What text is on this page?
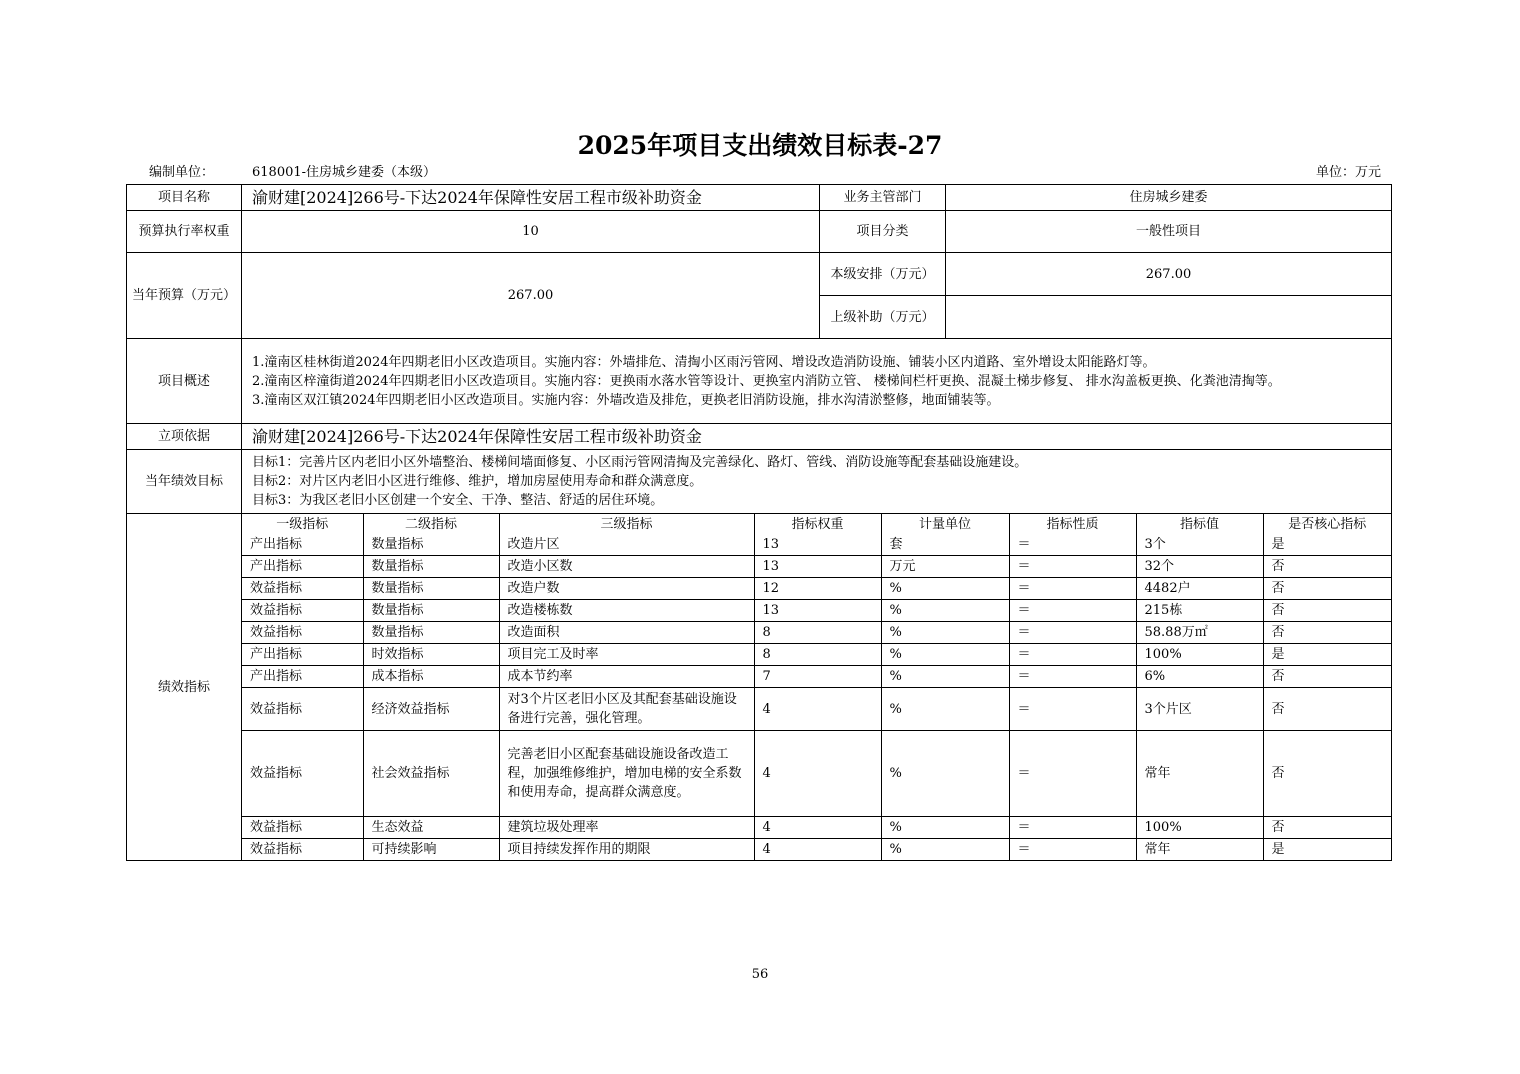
2025年项目支出绩效目标表-27
编制单位：	618001-住房城乡建委（本级）	单位：万元
项目名称	渝财建[2024]266号-下达2024年保障性安居工程市级补助资金	业务主管部门	住房城乡建委
预算执行率权重	10	项目分类	一般性项目
当年预算（万元）	267.00	本级安排（万元）	267.00
上级补助（万元）	
项目概述	
1.潼南区桂林街道2024年四期老旧小区改造项目。实施内容：外墙排危、清掏小区雨污管网、增设改造消防设施、铺装小区内道路、室外增设太阳能路灯等。
2.潼南区梓潼街道2024年四期老旧小区改造项目。实施内容：更换雨水落水管等设计、更换室内消防立管、 楼梯间栏杆更换、混凝土梯步修复、 排水沟盖板更换、化粪池清掏等。
3.潼南区双江镇2024年四期老旧小区改造项目。实施内容：外墙改造及排危，更换老旧消防设施，排水沟清淤整修，地面铺装等。

立项依据	渝财建[2024]266号-下达2024年保障性安居工程市级补助资金
当年绩效目标	
目标1：完善片区内老旧小区外墙整治、楼梯间墙面修复、小区雨污管网清掏及完善绿化、路灯、管线、消防设施等配套基础设施建设。
目标2：对片区内老旧小区进行维修、维护，增加房屋使用寿命和群众满意度。
目标3：为我区老旧小区创建一个安全、干净、整洁、舒适的居住环境。

绩效指标	
一级指标	二级指标	三级指标	指标权重	计量单位	指标性质	指标值	是否核心指标
产出指标	数量指标	改造片区	13	套	＝	3个	是
产出指标	数量指标	改造小区数	13	万元	＝	32个	否
效益指标	数量指标	改造户数	12	%	＝	4482户	否
效益指标	数量指标	改造楼栋数	13	%	＝	215栋	否
效益指标	数量指标	改造面积	8	%	＝	58.88万㎡	否
产出指标	时效指标	项目完工及时率	8	%	＝	100%	是
产出指标	成本指标	成本节约率	7	%	＝	6%	否
效益指标	经济效益指标	对3个片区老旧小区及其配套基础设施设备进行完善，强化管理。	4	%	＝	3个片区	否
效益指标	社会效益指标	完善老旧小区配套基础设施设备改造工程，加强维修维护，增加电梯的安全系数和使用寿命，提高群众满意度。	4	%	＝	常年	否
效益指标	生态效益	建筑垃圾处理率	4	%	＝	100%	否
效益指标	可持续影响	项目持续发挥作用的期限	4	%	＝	常年	是
56
